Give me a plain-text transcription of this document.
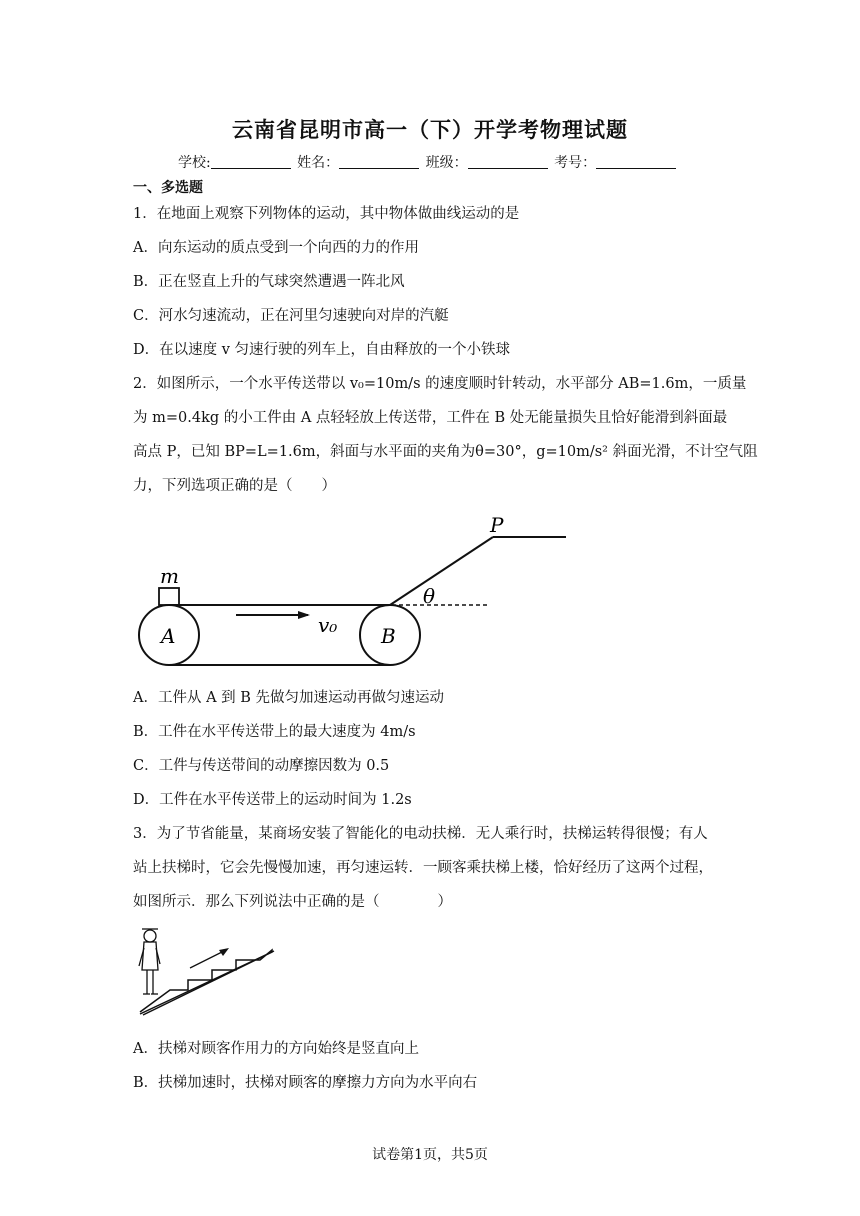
云南省昆明市高一（下）开学考物理试题
学校:	姓名：	班级：	考号：
一、多选题
1．在地面上观察下列物体的运动，其中物体做曲线运动的是
A．向东运动的质点受到一个向西的力的作用
B．正在竖直上升的气球突然遭遇一阵北风
C．河水匀速流动，正在河里匀速驶向对岸的汽艇
D．在以速度 v 匀速行驶的列车上，自由释放的一个小铁球
2．如图所示，一个水平传送带以 v₀=10m/s 的速度顺时针转动，水平部分 AB=1.6m，一质量
为 m=0.4kg 的小工件由 A 点轻轻放上传送带，工件在 B 处无能量损失且恰好能滑到斜面最
高点 P，已知 BP=L=1.6m，斜面与水平面的夹角为θ=30°，g=10m/s² 斜面光滑，不计空气阻
力，下列选项正确的是（　　）
m
A	B
P
θ
v₀
A．工件从 A 到 B 先做匀加速运动再做匀速运动
B．工件在水平传送带上的最大速度为 4m/s
C．工件与传送带间的动摩擦因数为 0.5
D．工件在水平传送带上的运动时间为 1.2s
3．为了节省能量，某商场安装了智能化的电动扶梯．无人乘行时，扶梯运转得很慢；有人
站上扶梯时，它会先慢慢加速，再匀速运转．一顾客乘扶梯上楼，恰好经历了这两个过程，
如图所示．那么下列说法中正确的是（　　　　）
A．扶梯对顾客作用力的方向始终是竖直向上
B．扶梯加速时，扶梯对顾客的摩擦力方向为水平向右
试卷第1页，共5页
